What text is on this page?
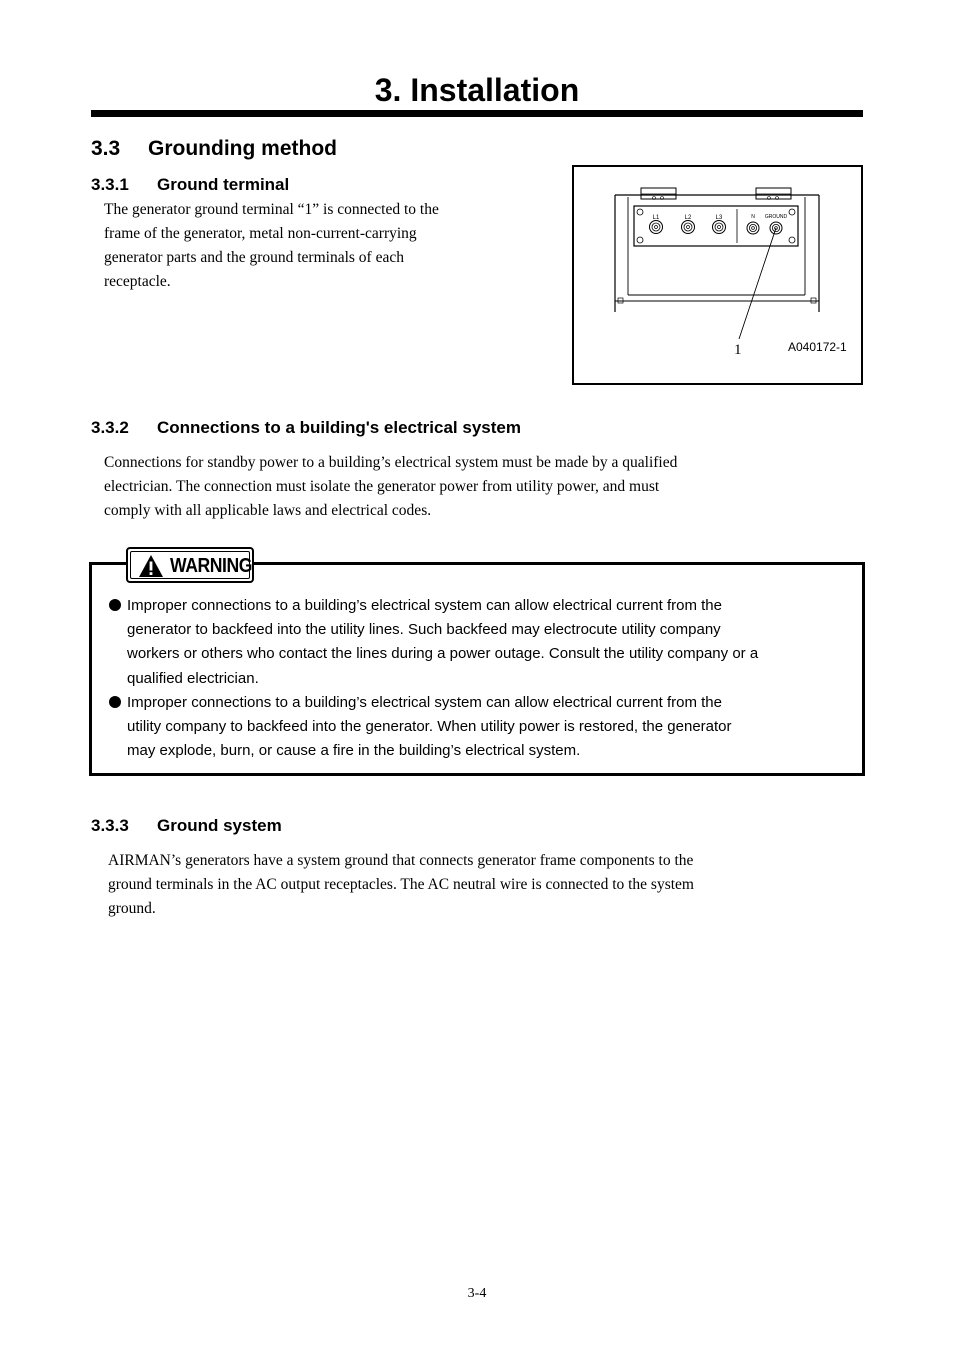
3. Installation
3.3 Grounding method
3.3.1 Ground terminal
The generator ground terminal “1” is connected to the
frame of the generator, metal non-current-carrying
generator parts and the ground terminals of each
receptacle.
L1	L2	L3	N GROUND
1	A040172-1
3.3.2 Connections to a building's electrical system
Connections for standby power to a building’s electrical system must be made by a qualified
electrician. The connection must isolate the generator power from utility power, and must
comply with all applicable laws and electrical codes.
WARNING
Improper connections to a building’s electrical system can allow electrical current from the
generator to backfeed into the utility lines. Such backfeed may electrocute utility company
workers or others who contact the lines during a power outage. Consult the utility company or a
qualified electrician.
Improper connections to a building’s electrical system can allow electrical current from the
utility company to backfeed into the generator. When utility power is restored, the generator
may explode, burn, or cause a fire in the building’s electrical system.
3.3.3 Ground system
AIRMAN’s generators have a system ground that connects generator frame components to the
ground terminals in the AC output receptacles. The AC neutral wire is connected to the system
ground.
3-4
